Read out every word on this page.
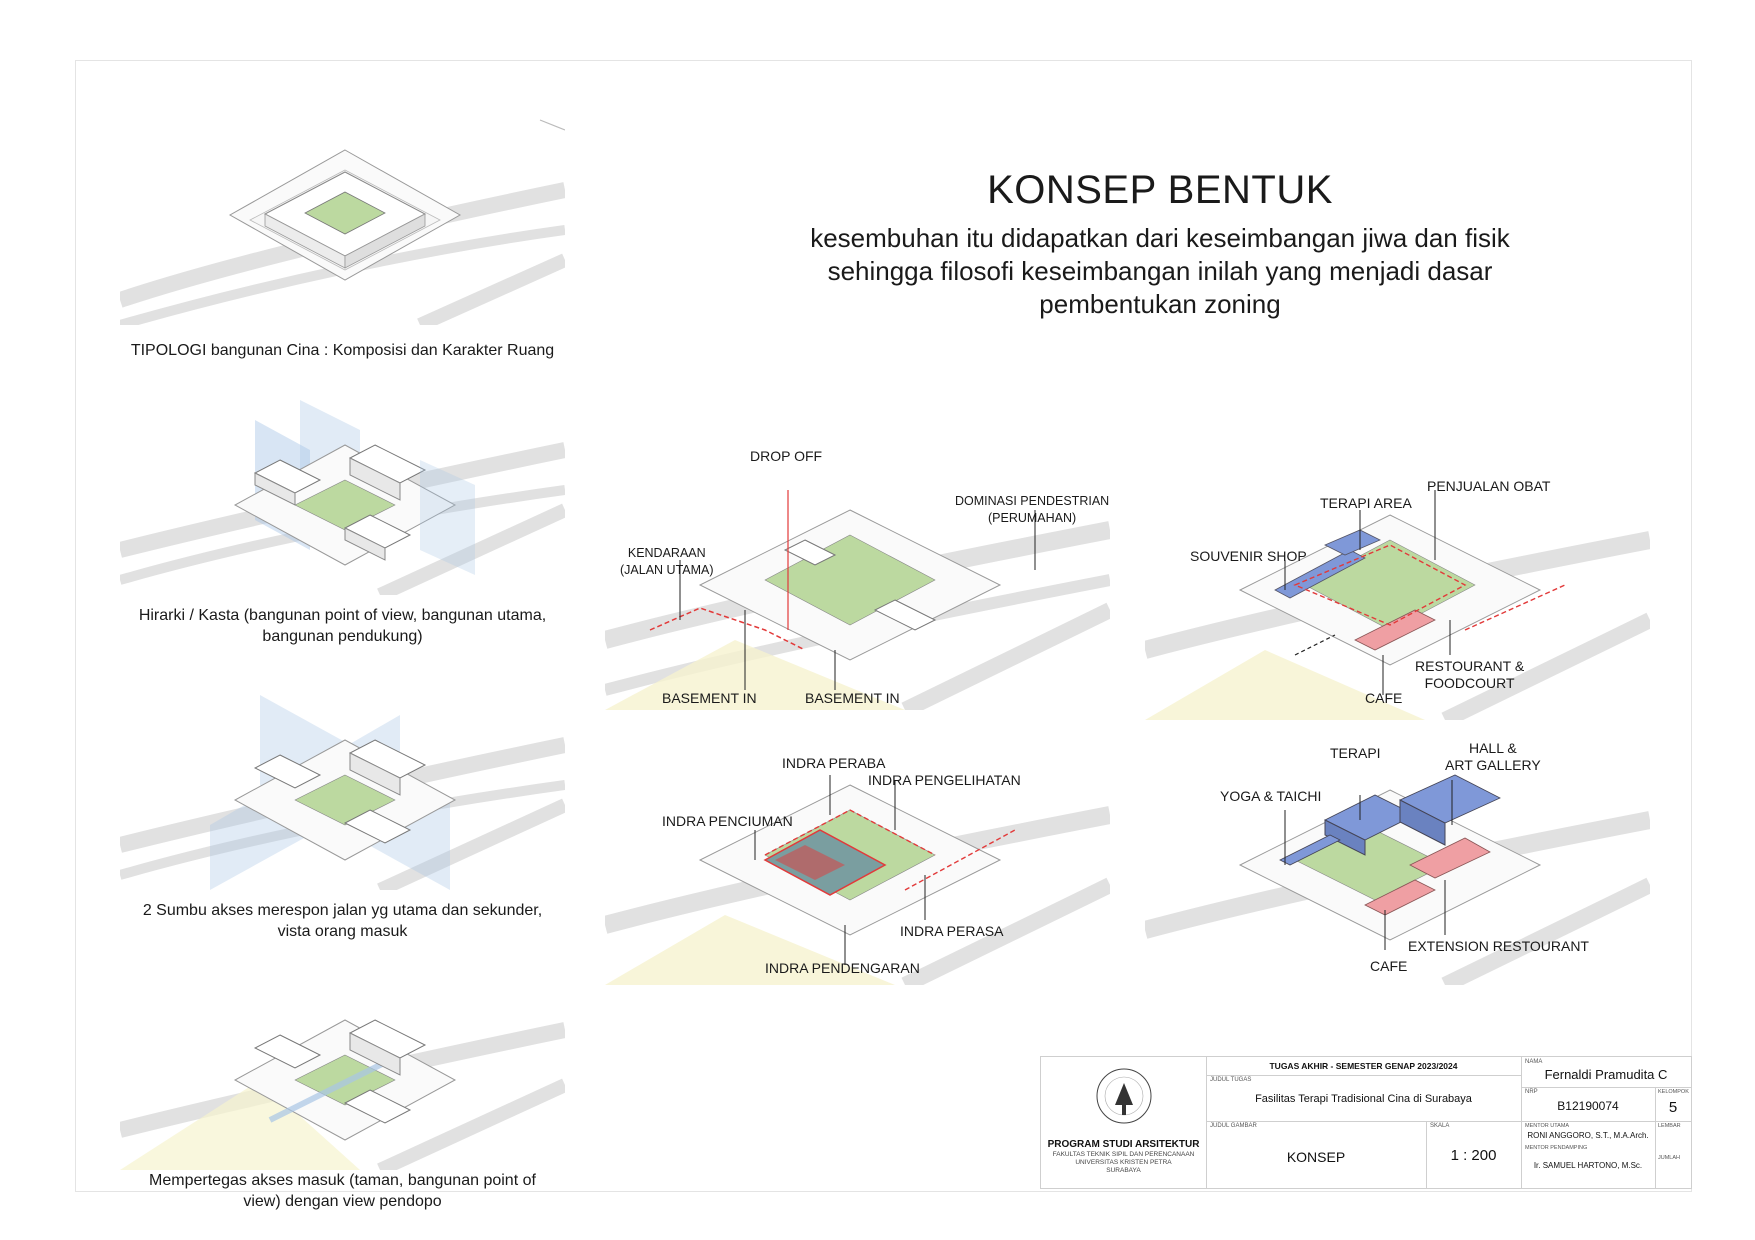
KONSEP BENTUK
kesembuhan itu didapatkan dari keseimbangan jiwa dan fisik
sehingga filosofi keseimbangan inilah yang menjadi dasar
pembentukan zoning
TIPOLOGI bangunan Cina : Komposisi dan Karakter Ruang
Hirarki / Kasta (bangunan point of view, bangunan utama,
bangunan pendukung)
2 Sumbu akses merespon jalan yg utama dan sekunder,
vista orang masuk
Mempertegas akses masuk (taman, bangunan point of
view) dengan view pendopo
DROP OFF
DOMINASI PENDESTRIAN
(PERUMAHAN)
KENDARAAN
(JALAN UTAMA)
BASEMENT IN	BASEMENT IN
TERAPI AREA
PENJUALAN OBAT
SOUVENIR SHOP
RESTOURANT &
FOODCOURT
CAFE
INDRA PERABA
INDRA PENGELIHATAN
INDRA PENCIUMAN
INDRA PERASA
INDRA PENDENGARAN
TERAPI	HALL &
ART GALLERY
YOGA & TAICHI
EXTENSION RESTOURANT
CAFE
PROGRAM STUDI ARSITEKTUR
FAKULTAS TEKNIK SIPIL DAN PERENCANAAN
UNIVERSITAS KRISTEN PETRA
SURABAYA
TUGAS AKHIR - SEMESTER GENAP 2023/2024
JUDUL TUGAS
Fasilitas Terapi Tradisional Cina di Surabaya
JUDUL GAMBAR
KONSEP
SKALA
1 : 200
NAMA
Fernaldi Pramudita C
NRP
B12190074
KELOMPOK
5
MENTOR UTAMA
RONI ANGGORO, S.T., M.A.Arch.
MENTOR PENDAMPING
Ir. SAMUEL HARTONO, M.Sc.
LEMBAR
JUMLAH
